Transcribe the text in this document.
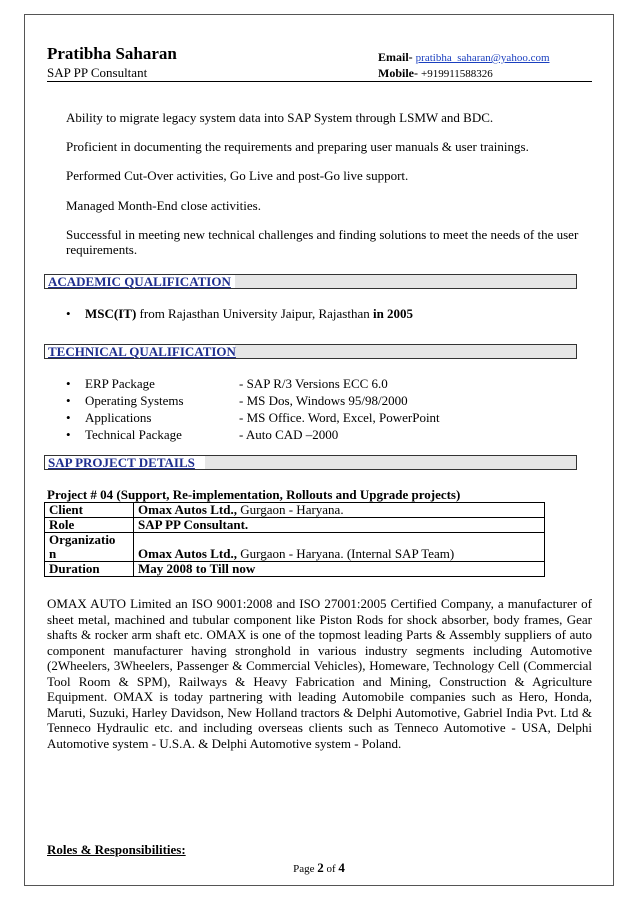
Pratibha Saharan
SAP PP Consultant
Email- pratibha_saharan@yahoo.com
Mobile- +919911588326
Ability to migrate legacy system data into SAP System through LSMW and BDC.
Proficient in documenting the requirements and preparing user manuals & user trainings.
Performed Cut-Over activities, Go Live and post-Go live support.
Managed Month-End close activities.
Successful in meeting new technical challenges and finding solutions to meet the needs of the user requirements.
ACADEMIC QUALIFICATION
• MSC(IT) from Rajasthan University Jaipur, Rajasthan in 2005
TECHNICAL QUALIFICATION
• ERP Package	- SAP R/3 Versions ECC 6.0
• Operating Systems	- MS Dos, Windows 95/98/2000
• Applications	- MS Office. Word, Excel, PowerPoint
• Technical Package	- Auto CAD –2000
SAP PROJECT DETAILS
Project # 04 (Support, Re-implementation, Rollouts and Upgrade projects)
Client	Omax Autos Ltd., Gurgaon - Haryana.
Role	SAP PP Consultant.
Organizatio
n	Omax Autos Ltd., Gurgaon - Haryana. (Internal SAP Team)
Duration	May 2008 to Till now
OMAX AUTO Limited an ISO 9001:2008 and ISO 27001:2005 Certified Company, a manufacturer of sheet metal, machined and tubular component like Piston Rods for shock absorber, body frames, Gear shafts & rocker arm shaft etc. OMAX is one of the topmost leading Parts & Assembly suppliers of auto component manufacturer having stronghold in various industry segments including Automotive (2Wheelers, 3Wheelers, Passenger & Commercial Vehicles), Homeware, Technology Cell (Commercial Tool Room & SPM), Railways & Heavy Fabrication and Mining, Construction & Agriculture Equipment. OMAX is today partnering with leading Automobile companies such as Hero, Honda, Maruti, Suzuki, Harley Davidson, New Holland tractors & Delphi Automotive, Gabriel India Pvt. Ltd & Tenneco Hydraulic etc. and including overseas clients such as Tenneco Automotive - USA, Delphi Automotive system - U.S.A. & Delphi Automotive system - Poland.
Roles & Responsibilities:
Page 2 of 4
